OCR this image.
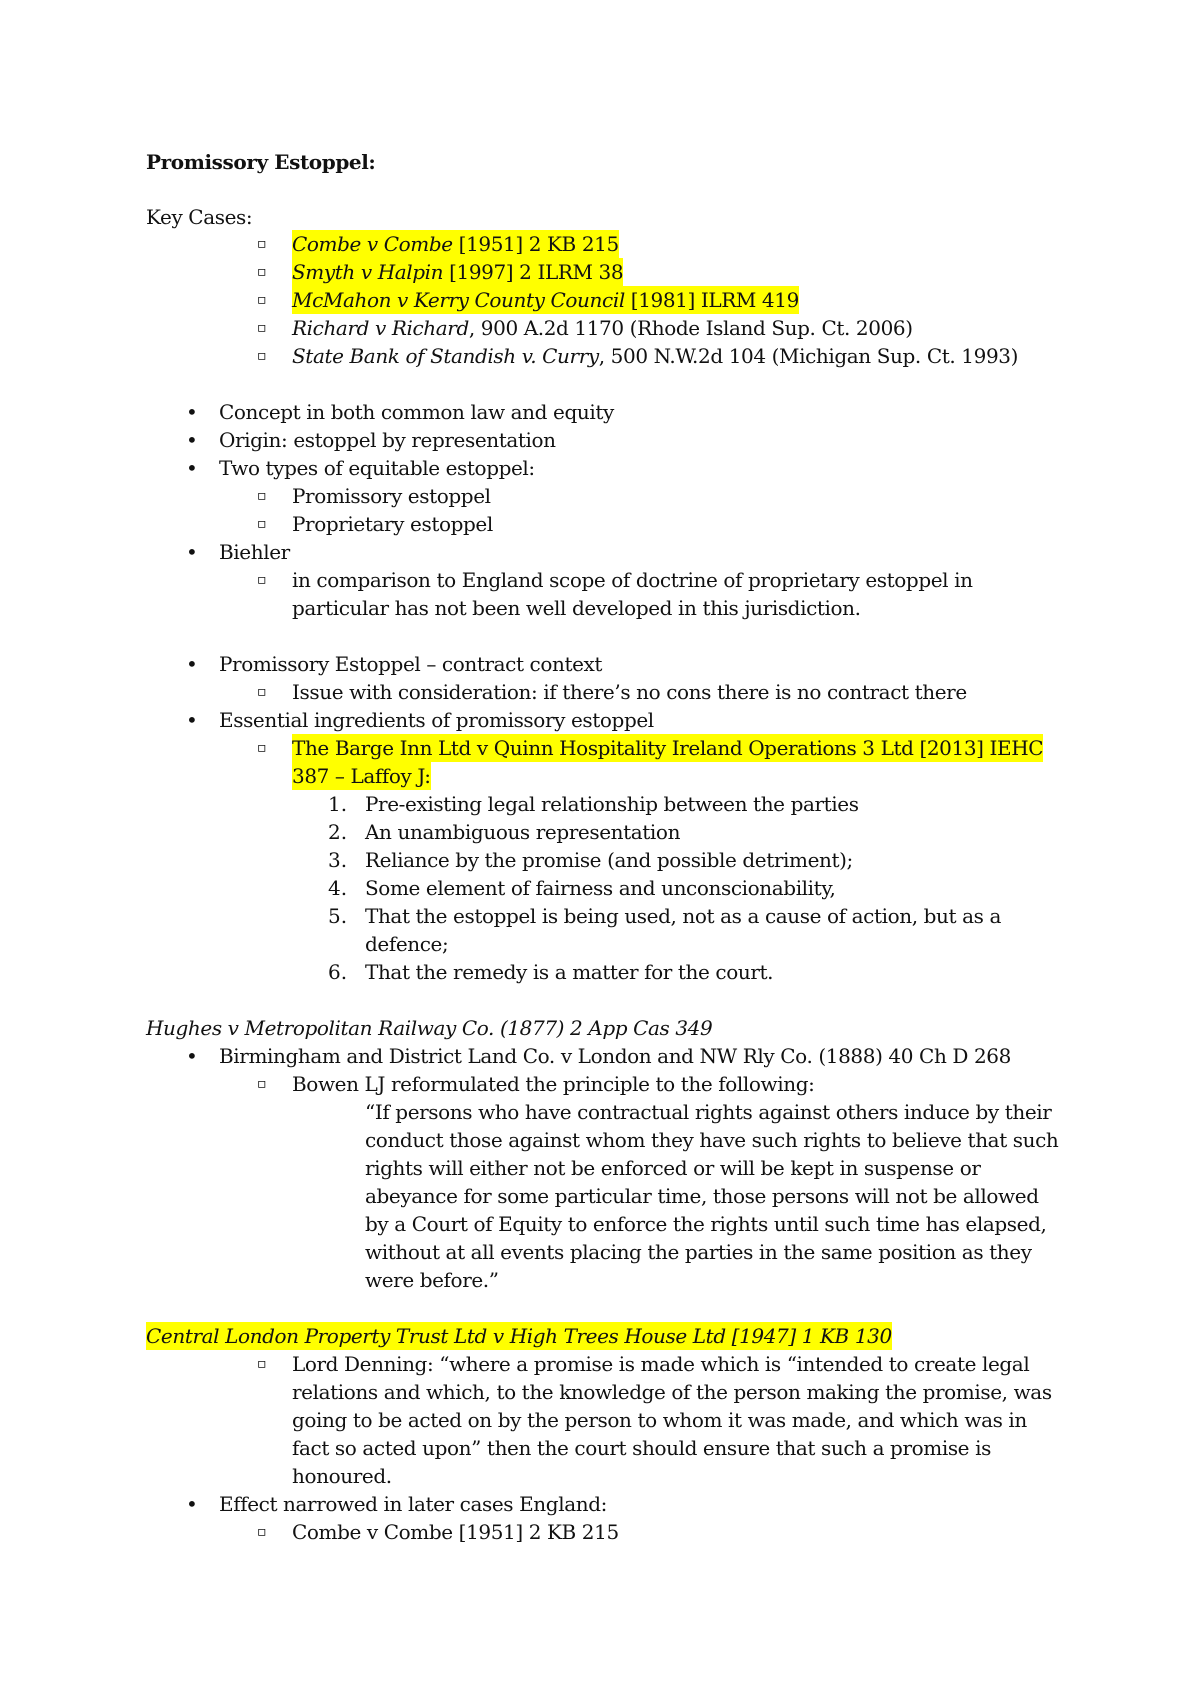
Promissory Estoppel:
Key Cases:
▫ Combe v Combe [1951] 2 KB 215
▫ Smyth v Halpin [1997] 2 ILRM 38
▫ McMahon v Kerry County Council [1981] ILRM 419
▫ Richard v Richard, 900 A.2d 1170 (Rhode Island Sup. Ct. 2006)
▫ State Bank of Standish v. Curry, 500 N.W.2d 104 (Michigan Sup. Ct. 1993)
• Concept in both common law and equity
• Origin: estoppel by representation
• Two types of equitable estoppel:
▫ Promissory estoppel
▫ Proprietary estoppel
• Biehler
▫ in comparison to England scope of doctrine of proprietary estoppel in
particular has not been well developed in this jurisdiction.
• Promissory Estoppel – contract context
▫ Issue with consideration: if there’s no cons there is no contract there
• Essential ingredients of promissory estoppel
▫ The Barge Inn Ltd v Quinn Hospitality Ireland Operations 3 Ltd [2013] IEHC
387 – Laffoy J:
1. Pre-existing legal relationship between the parties
2. An unambiguous representation
3. Reliance by the promise (and possible detriment);
4. Some element of fairness and unconscionability,
5. That the estoppel is being used, not as a cause of action, but as a
defence;
6. That the remedy is a matter for the court.
Hughes v Metropolitan Railway Co. (1877) 2 App Cas 349
• Birmingham and District Land Co. v London and NW Rly Co. (1888) 40 Ch D 268
▫ Bowen LJ reformulated the principle to the following:
“If persons who have contractual rights against others induce by their
conduct those against whom they have such rights to believe that such
rights will either not be enforced or will be kept in suspense or
abeyance for some particular time, those persons will not be allowed
by a Court of Equity to enforce the rights until such time has elapsed,
without at all events placing the parties in the same position as they
were before.”
Central London Property Trust Ltd v High Trees House Ltd [1947] 1 KB 130
▫ Lord Denning: “where a promise is made which is “intended to create legal
relations and which, to the knowledge of the person making the promise, was
going to be acted on by the person to whom it was made, and which was in
fact so acted upon” then the court should ensure that such a promise is
honoured.
• Effect narrowed in later cases England:
▫ Combe v Combe [1951] 2 KB 215
